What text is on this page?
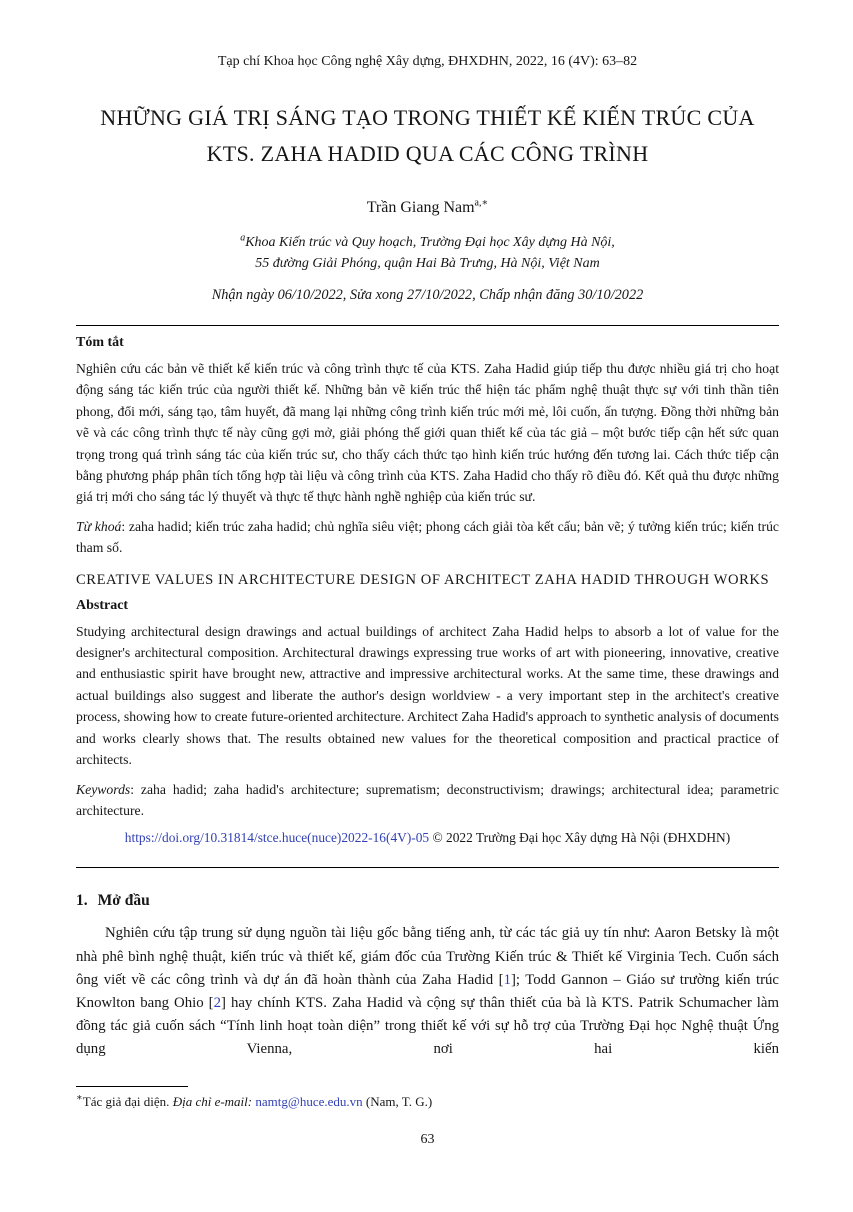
Tạp chí Khoa học Công nghệ Xây dựng, ĐHXDHN, 2022, 16 (4V): 63–82
NHỮNG GIÁ TRỊ SÁNG TẠO TRONG THIẾT KẾ KIẾN TRÚC CỦA
KTS. ZAHA HADID QUA CÁC CÔNG TRÌNH
Trần Giang Nam$^{a,∗}$
$^a$Khoa Kiến trúc và Quy hoạch, Trường Đại học Xây dựng Hà Nội,
55 đường Giải Phóng, quận Hai Bà Trưng, Hà Nội, Việt Nam
Nhận ngày 06/10/2022, Sửa xong 27/10/2022, Chấp nhận đăng 30/10/2022
Tóm tắt
Nghiên cứu các bản vẽ thiết kế kiến trúc và công trình thực tế của KTS. Zaha Hadid giúp tiếp thu được nhiều giá trị cho hoạt động sáng tác kiến trúc của người thiết kế. Những bản vẽ kiến trúc thể hiện tác phẩm nghệ thuật thực sự với tinh thần tiên phong, đổi mới, sáng tạo, tâm huyết, đã mang lại những công trình kiến trúc mới mẻ, lôi cuốn, ấn tượng. Đồng thời những bản vẽ và các công trình thực tế này cũng gợi mở, giải phóng thế giới quan thiết kế của tác giả – một bước tiếp cận hết sức quan trọng trong quá trình sáng tác của kiến trúc sư, cho thấy cách thức tạo hình kiến trúc hướng đến tương lai. Cách thức tiếp cận bằng phương pháp phân tích tổng hợp tài liệu và công trình của KTS. Zaha Hadid cho thấy rõ điều đó. Kết quả thu được những giá trị mới cho sáng tác lý thuyết và thực tế thực hành nghề nghiệp của kiến trúc sư.
Từ khoá: zaha hadid; kiến trúc zaha hadid; chủ nghĩa siêu việt; phong cách giải tòa kết cấu; bản vẽ; ý tưởng kiến trúc; kiến trúc tham số.
CREATIVE VALUES IN ARCHITECTURE DESIGN OF ARCHITECT ZAHA HADID THROUGH WORKS
Abstract
Studying architectural design drawings and actual buildings of architect Zaha Hadid helps to absorb a lot of value for the designer's architectural composition. Architectural drawings expressing true works of art with pioneering, innovative, creative and enthusiastic spirit have brought new, attractive and impressive architectural works. At the same time, these drawings and actual buildings also suggest and liberate the author's design worldview - a very important step in the architect's creative process, showing how to create future-oriented architecture. Architect Zaha Hadid's approach to synthetic analysis of documents and works clearly shows that. The results obtained new values for the theoretical composition and practical practice of architects.
Keywords: zaha hadid; zaha hadid's architecture; suprematism; deconstructivism; drawings; architectural idea; parametric architecture.
https://doi.org/10.31814/stce.huce(nuce)2022-16(4V)-05 © 2022 Trường Đại học Xây dựng Hà Nội (ĐHXDHN)
1. Mở đầu
Nghiên cứu tập trung sử dụng nguồn tài liệu gốc bằng tiếng anh, từ các tác giả uy tín như: Aaron Betsky là một nhà phê bình nghệ thuật, kiến trúc và thiết kế, giám đốc của Trường Kiến trúc & Thiết kế Virginia Tech. Cuốn sách ông viết về các công trình và dự án đã hoàn thành của Zaha Hadid [1]; Todd Gannon – Giáo sư trường kiến trúc Knowlton bang Ohio [2] hay chính KTS. Zaha Hadid và cộng sự thân thiết của bà là KTS. Patrik Schumacher làm đồng tác giả cuốn sách “Tính linh hoạt toàn diện” trong thiết kế với sự hỗ trợ của Trường Đại học Nghệ thuật Ứng dụng Vienna, nơi hai kiến
∗Tác giả đại diện. Địa chỉ e-mail: namtg@huce.edu.vn (Nam, T. G.)
63
